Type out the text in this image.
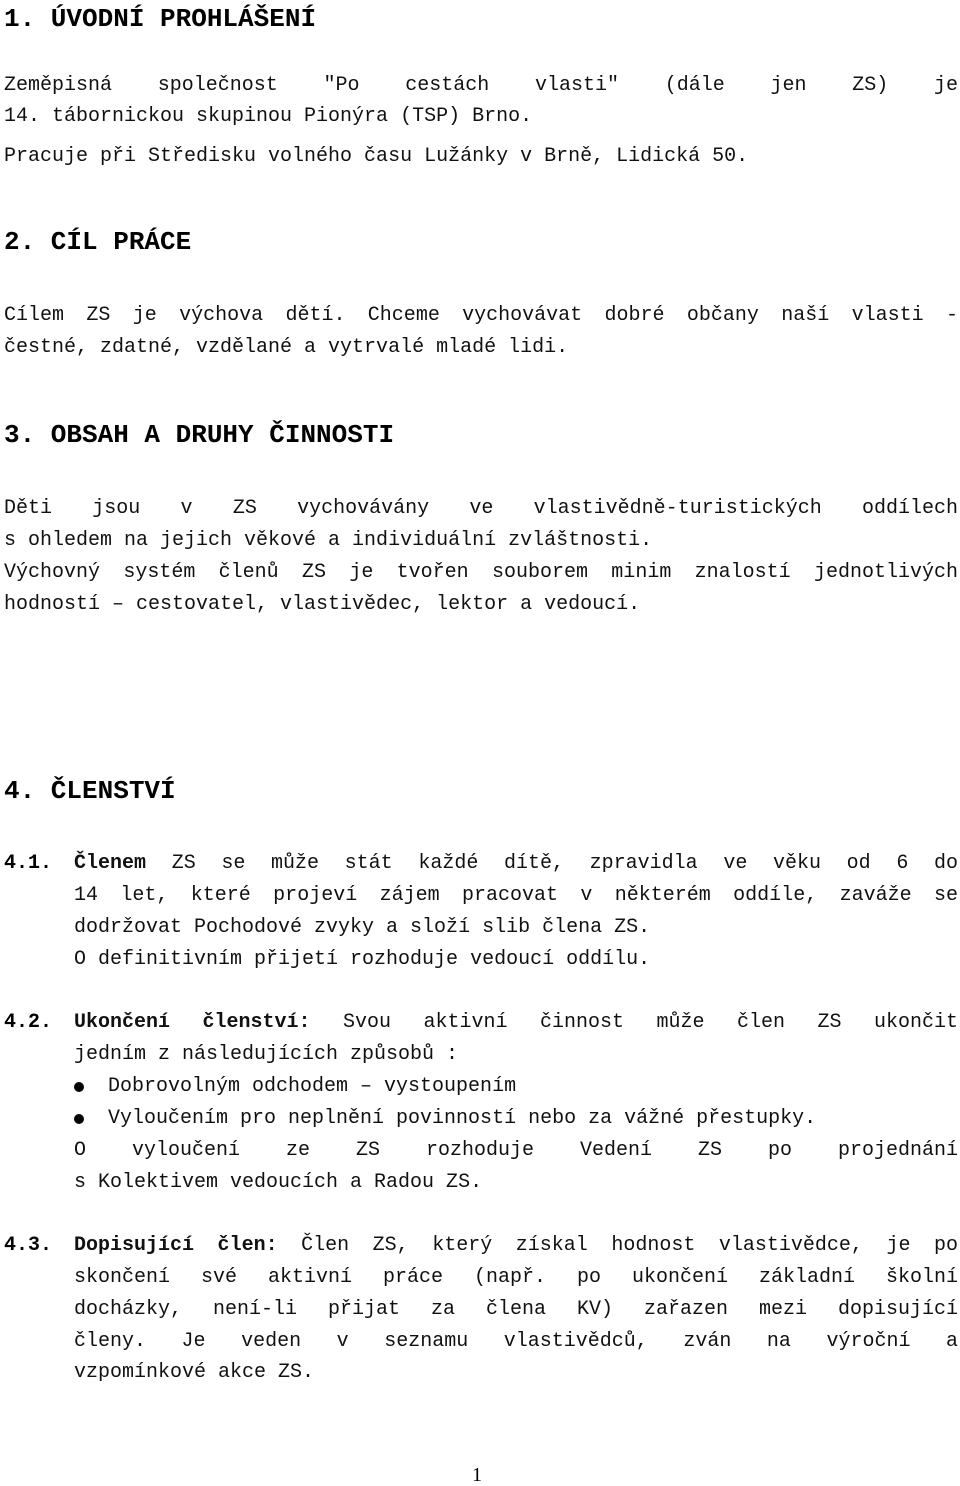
1. ÚVODNÍ PROHLÁŠENÍ
Zeměpisná společnost "Po cestách vlasti" (dále jen ZS) je
14. tábornickou skupinou Pionýra (TSP) Brno.
Pracuje při Středisku volného času Lužánky v Brně, Lidická 50.
2. CÍL PRÁCE
Cílem ZS je výchova dětí. Chceme vychovávat dobré občany naší vlasti -
čestné, zdatné, vzdělané a vytrvalé mladé lidi.
3. OBSAH A DRUHY ČINNOSTI
Děti jsou v ZS vychovávány ve vlastivědně-turistických oddílech
s ohledem na jejich věkové a individuální zvláštnosti.
Výchovný systém členů ZS je tvořen souborem minim znalostí jednotlivých
hodností – cestovatel, vlastivědec, lektor a vedoucí.
4. ČLENSTVÍ
4.1. Členem ZS se může stát každé dítě, zpravidla ve věku od 6 do
14 let, které projeví zájem pracovat v některém oddíle, zaváže se
dodržovat Pochodové zvyky a složí slib člena ZS.
O definitivním přijetí rozhoduje vedoucí oddílu.
4.2. Ukončení členství: Svou aktivní činnost může člen ZS ukončit
jedním z následujících způsobů :
Dobrovolným odchodem – vystoupením
Vyloučením pro neplnění povinností nebo za vážné přestupky.
O vyloučení ze ZS rozhoduje Vedení ZS po projednání
s Kolektivem vedoucích a Radou ZS.
4.3. Dopisující člen: Člen ZS, který získal hodnost vlastivědce, je po
skončení své aktivní práce (např. po ukončení základní školní
docházky, není-li přijat za člena KV) zařazen mezi dopisující
členy. Je veden v seznamu vlastivědců, zván na výroční a
vzpomínkové akce ZS.
1
